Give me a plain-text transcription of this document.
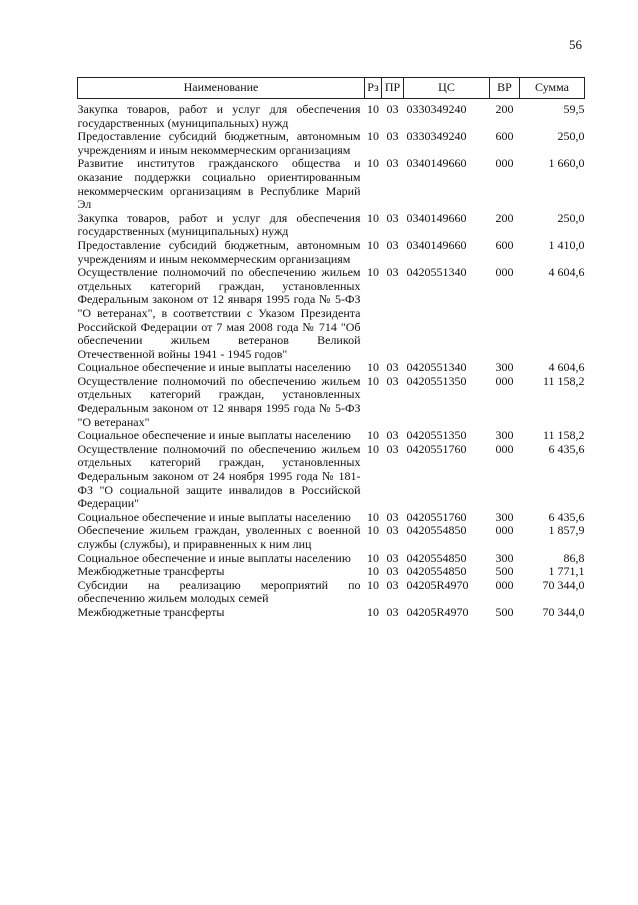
56
Наименование	Рз	ПР	ЦС	ВР	Сумма

Закупка товаров, работ и услуг для обеспечения государственных (муниципальных) нужд	10	03	0330349240	200	59,5
Предоставление субсидий бюджетным, автономным учреждениям и иным некоммерческим организациям	10	03	0330349240	600	250,0
Развитие институтов гражданского общества и оказание поддержки социально ориентированным некоммерческим организациям в Республике Марий Эл	10	03	0340149660	000	1 660,0
Закупка товаров, работ и услуг для обеспечения государственных (муниципальных) нужд	10	03	0340149660	200	250,0
Предоставление субсидий бюджетным, автономным учреждениям и иным некоммерческим организациям	10	03	0340149660	600	1 410,0
Осуществление полномочий по обеспечению жильем отдельных категорий граждан, установленных Федеральным законом от 12 января 1995 года № 5-ФЗ "О ветеранах", в соответствии с Указом Президента Российской Федерации от 7 мая 2008 года № 714 "Об обеспечении жильем ветеранов Великой Отечественной войны 1941 - 1945 годов"	10	03	0420551340	000	4 604,6
Социальное обеспечение и иные выплаты населению	10	03	0420551340	300	4 604,6
Осуществление полномочий по обеспечению жильем отдельных категорий граждан, установленных Федеральным законом от 12 января 1995 года № 5-ФЗ "О ветеранах"	10	03	0420551350	000	11 158,2
Социальное обеспечение и иные выплаты населению	10	03	0420551350	300	11 158,2
Осуществление полномочий по обеспечению жильем отдельных категорий граждан, установленных Федеральным законом от 24 ноября 1995 года № 181-ФЗ "О социальной защите инвалидов в Российской Федерации"	10	03	0420551760	000	6 435,6
Социальное обеспечение и иные выплаты населению	10	03	0420551760	300	6 435,6
Обеспечение жильем граждан, уволенных с военной службы (службы), и приравненных к ним лиц	10	03	0420554850	000	1 857,9
Социальное обеспечение и иные выплаты населению	10	03	0420554850	300	86,8
Межбюджетные трансферты	10	03	0420554850	500	1 771,1
Субсидии на реализацию мероприятий по обеспечению жильем молодых семей	10	03	04205R4970	000	70 344,0
Межбюджетные трансферты	10	03	04205R4970	500	70 344,0
